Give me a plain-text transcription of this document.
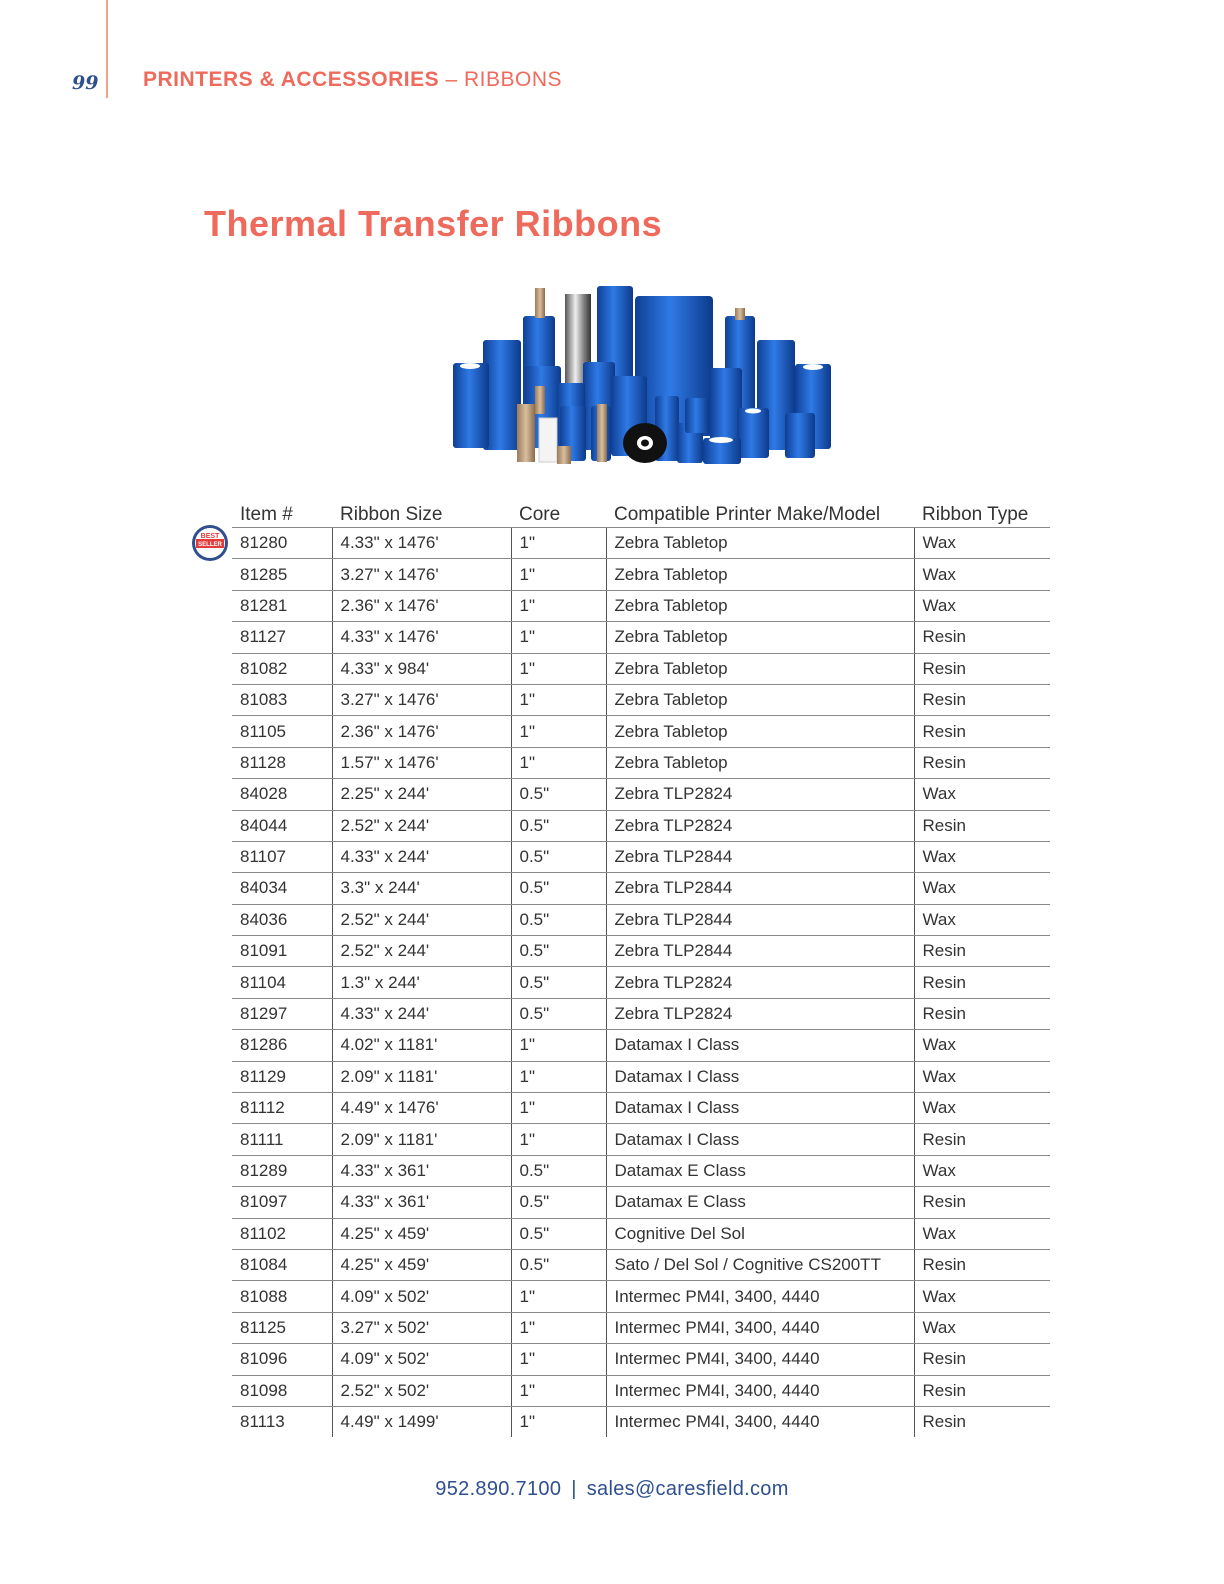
99 PRINTERS & ACCESSORIES – RIBBONS
Thermal Transfer Ribbons
BEST
SELLER
Item #	Ribbon Size	Core	Compatible Printer Make/Model	Ribbon Type
81280	4.33" x 1476'	1"	Zebra Tabletop	Wax
81285	3.27" x 1476'	1"	Zebra Tabletop	Wax
81281	2.36" x 1476'	1"	Zebra Tabletop	Wax
81127	4.33" x 1476'	1"	Zebra Tabletop	Resin
81082	4.33" x 984'	1"	Zebra Tabletop	Resin
81083	3.27" x 1476'	1"	Zebra Tabletop	Resin
81105	2.36" x 1476'	1"	Zebra Tabletop	Resin
81128	1.57" x 1476'	1"	Zebra Tabletop	Resin
84028	2.25" x 244'	0.5"	Zebra TLP2824	Wax
84044	2.52" x 244'	0.5"	Zebra TLP2824	Resin
81107	4.33" x 244'	0.5"	Zebra TLP2844	Wax
84034	3.3" x 244'	0.5"	Zebra TLP2844	Wax
84036	2.52" x 244'	0.5"	Zebra TLP2844	Wax
81091	2.52" x 244'	0.5"	Zebra TLP2844	Resin
81104	1.3" x 244'	0.5"	Zebra TLP2824	Resin
81297	4.33" x 244'	0.5"	Zebra TLP2824	Resin
81286	4.02" x 1181'	1"	Datamax I Class	Wax
81129	2.09" x 1181'	1"	Datamax I Class	Wax
81112	4.49" x 1476'	1"	Datamax I Class	Wax
81111	2.09" x 1181'	1"	Datamax I Class	Resin
81289	4.33" x 361'	0.5"	Datamax E Class	Wax
81097	4.33" x 361'	0.5"	Datamax E Class	Resin
81102	4.25" x 459'	0.5"	Cognitive Del Sol	Wax
81084	4.25" x 459'	0.5"	Sato / Del Sol / Cognitive CS200TT	Resin
81088	4.09" x 502'	1"	Intermec PM4I, 3400, 4440	Wax
81125	3.27" x 502'	1"	Intermec PM4I, 3400, 4440	Wax
81096	4.09" x 502'	1"	Intermec PM4I, 3400, 4440	Resin
81098	2.52" x 502'	1"	Intermec PM4I, 3400, 4440	Resin
81113	4.49" x 1499'	1"	Intermec PM4I, 3400, 4440	Resin
952.890.7100 | sales@caresfield.com
